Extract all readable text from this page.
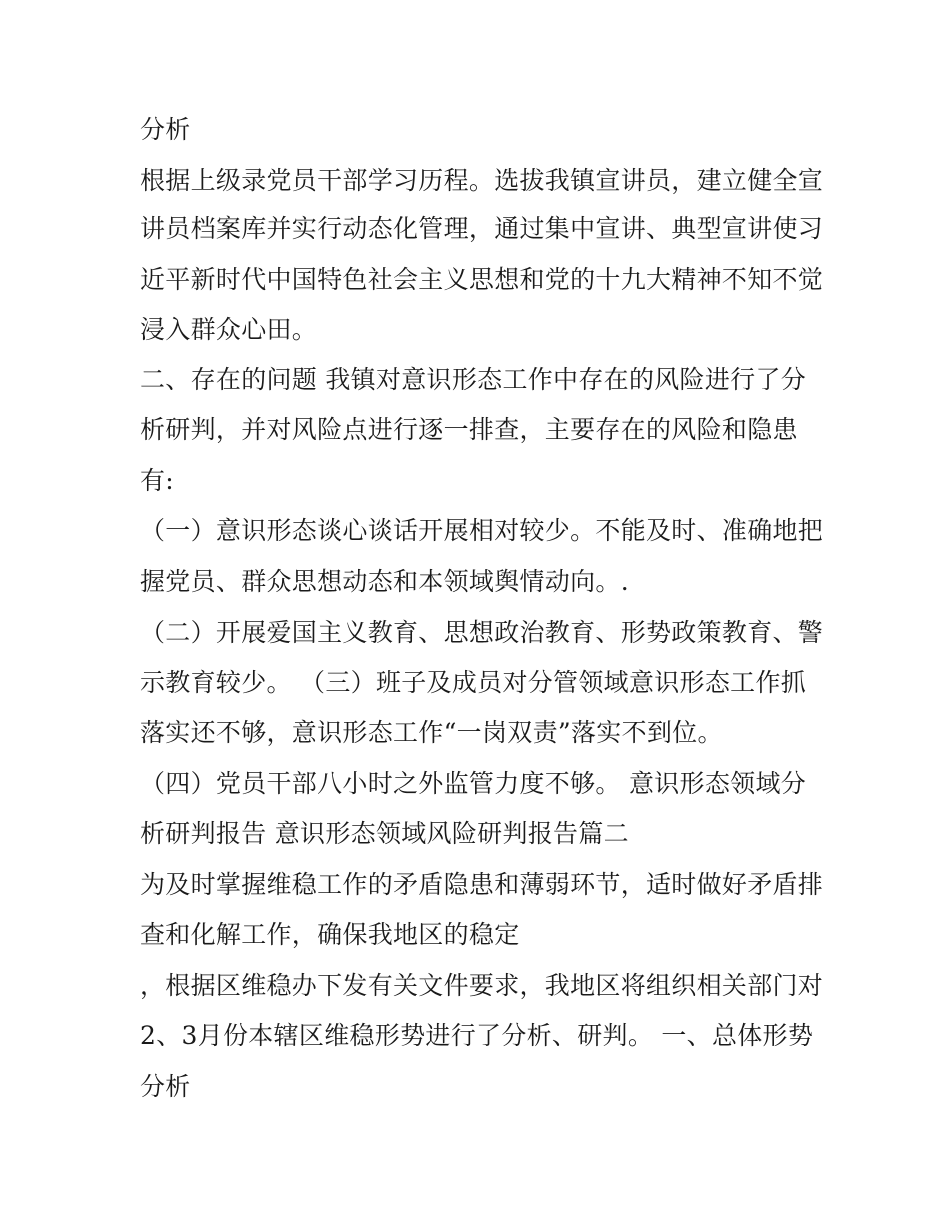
分析
根据上级录党员干部学习历程。选拔我镇宣讲员，建立健全宣
讲员档案库并实行动态化管理，通过集中宣讲、典型宣讲使习
近平新时代中国特色社会主义思想和党的十九大精神不知不觉
浸入群众心田。
二、存在的问题 我镇对意识形态工作中存在的风险进行了分
析研判，并对风险点进行逐一排查，主要存在的风险和隐患
有:
（一）意识形态谈心谈话开展相对较少。不能及时、准确地把
握党员、群众思想动态和本领域舆情动向。.
（二）开展爱国主义教育、思想政治教育、形势政策教育、警
示教育较少。 （三）班子及成员对分管领域意识形态工作抓
落实还不够，意识形态工作“一岗双责”落实不到位。
（四）党员干部八小时之外监管力度不够。 意识形态领域分
析研判报告 意识形态领域风险研判报告篇二
为及时掌握维稳工作的矛盾隐患和薄弱环节，适时做好矛盾排
查和化解工作，确保我地区的稳定
，根据区维稳办下发有关文件要求，我地区将组织相关部门对
2、3月份本辖区维稳形势进行了分析、研判。 一、总体形势
分析
